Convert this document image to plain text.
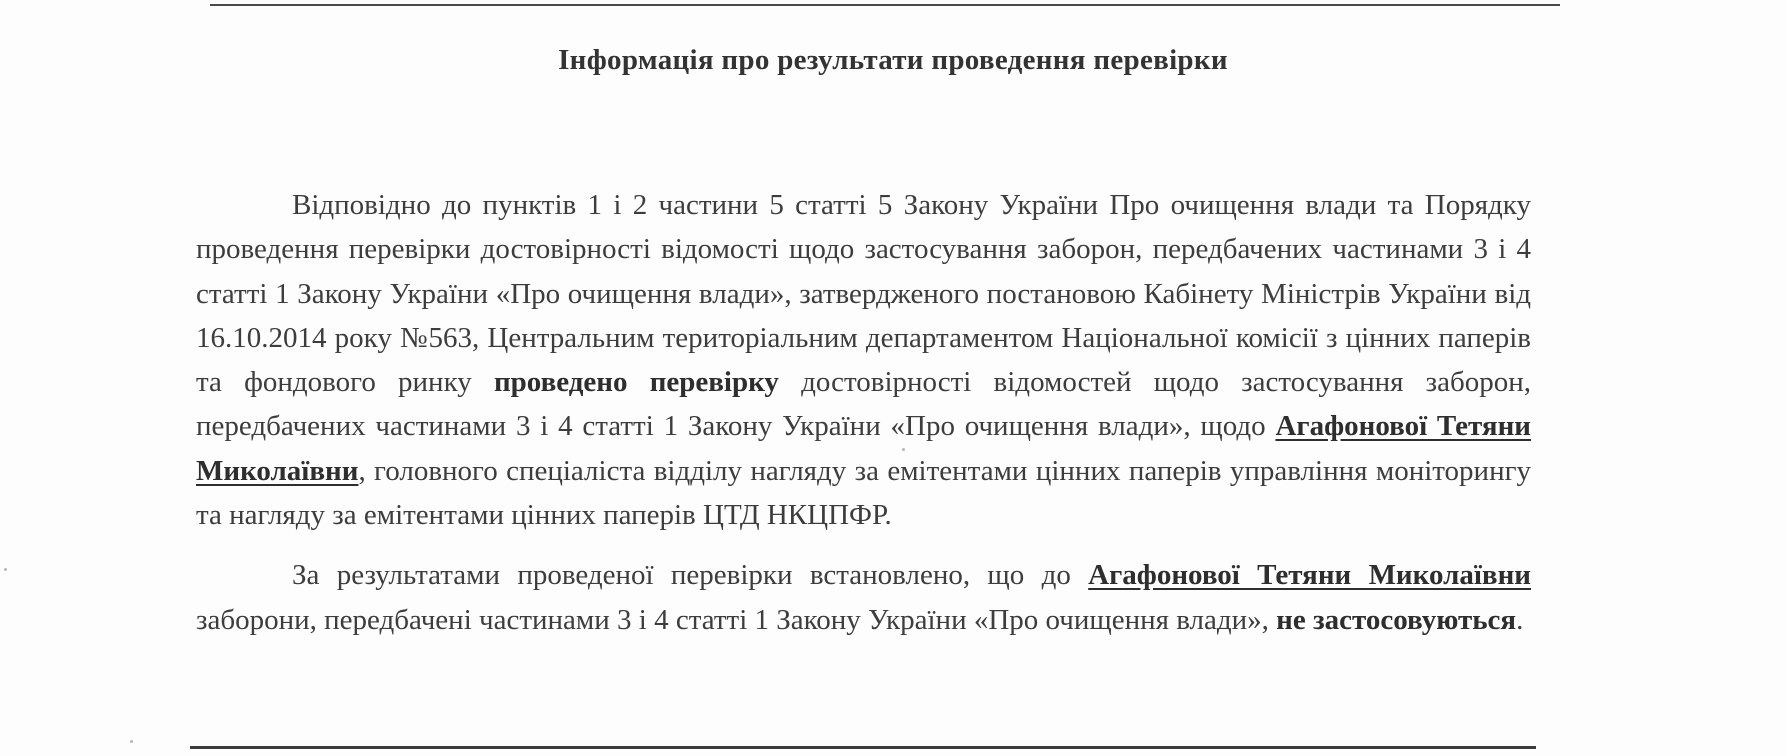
Інформація про результати проведення перевірки

Відповідно до пунктів 1 і 2 частини 5 статті 5 Закону України Про очищення влади та Порядку проведення перевірки достовірності відомості щодо застосування заборон, передбачених частинами 3 і 4 статті 1 Закону України «Про очищення влади», затвердженого постановою Кабінету Міністрів України від 16.10.2014 року №563, Центральним територіальним департаментом Національної комісії з цінних паперів та фондового ринку проведено перевірку достовірності відомостей щодо застосування заборон, передбачених частинами 3 і 4 статті 1 Закону України «Про очищення влади», щодо Агафонової Тетяни Миколаївни, головного спеціаліста відділу нагляду за емітентами цінних паперів управління моніторингу та нагляду за емітентами цінних паперів ЦТД НКЦПФР.

За результатами проведеної перевірки встановлено, що до Агафонової Тетяни Миколаївни заборони, передбачені частинами 3 і 4 статті 1 Закону України «Про очищення влади», не застосовуються.
